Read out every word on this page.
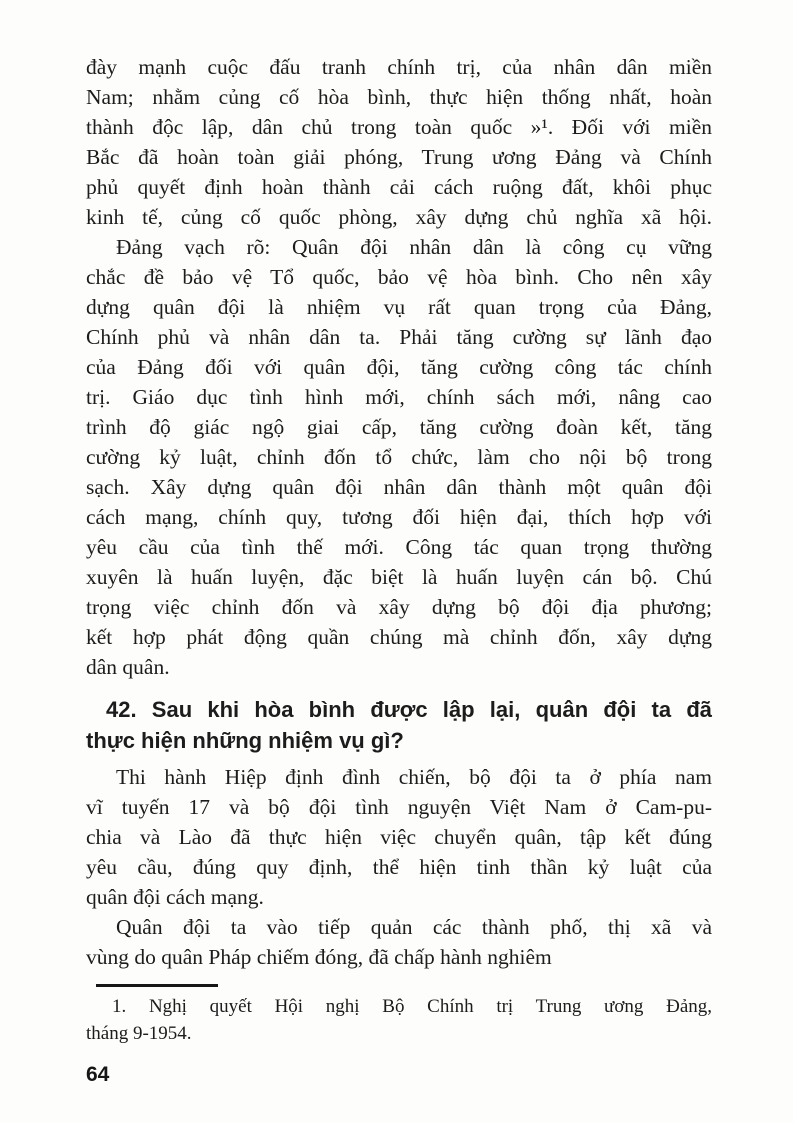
đày mạnh cuộc đấu tranh chính trị, của nhân dân miền
Nam; nhằm củng cố hòa bình, thực hiện thống nhất, hoàn
thành độc lập, dân chủ trong toàn quốc »¹. Đối với miền
Bắc đã hoàn toàn giải phóng, Trung ương Đảng và Chính
phủ quyết định hoàn thành cải cách ruộng đất, khôi phục
kinh tế, củng cố quốc phòng, xây dựng chủ nghĩa xã hội.

Đảng vạch rõ: Quân đội nhân dân là công cụ vững
chắc đề bảo vệ Tổ quốc, bảo vệ hòa bình. Cho nên xây
dựng quân đội là nhiệm vụ rất quan trọng của Đảng,
Chính phủ và nhân dân ta. Phải tăng cường sự lãnh đạo
của Đảng đối với quân đội, tăng cường công tác chính
trị. Giáo dục tình hình mới, chính sách mới, nâng cao
trình độ giác ngộ giai cấp, tăng cường đoàn kết, tăng
cường kỷ luật, chỉnh đốn tổ chức, làm cho nội bộ trong
sạch. Xây dựng quân đội nhân dân thành một quân đội
cách mạng, chính quy, tương đối hiện đại, thích hợp với
yêu cầu của tình thế mới. Công tác quan trọng thường
xuyên là huấn luyện, đặc biệt là huấn luyện cán bộ. Chú
trọng việc chỉnh đốn và xây dựng bộ đội địa phương;
kết hợp phát động quần chúng mà chỉnh đốn, xây dựng
dân quân.

42. Sau khi hòa bình được lập lại, quân đội ta đã
thực hiện những nhiệm vụ gì?

Thi hành Hiệp định đình chiến, bộ đội ta ở phía nam
vĩ tuyến 17 và bộ đội tình nguyện Việt Nam ở Cam-pu-
chia và Lào đã thực hiện việc chuyển quân, tập kết đúng
yêu cầu, đúng quy định, thể hiện tinh thần kỷ luật của
quân đội cách mạng.

Quân đội ta vào tiếp quản các thành phố, thị xã và
vùng do quân Pháp chiếm đóng, đã chấp hành nghiêm

1. Nghị quyết Hội nghị Bộ Chính trị Trung ương Đảng,
tháng 9-1954.
64
